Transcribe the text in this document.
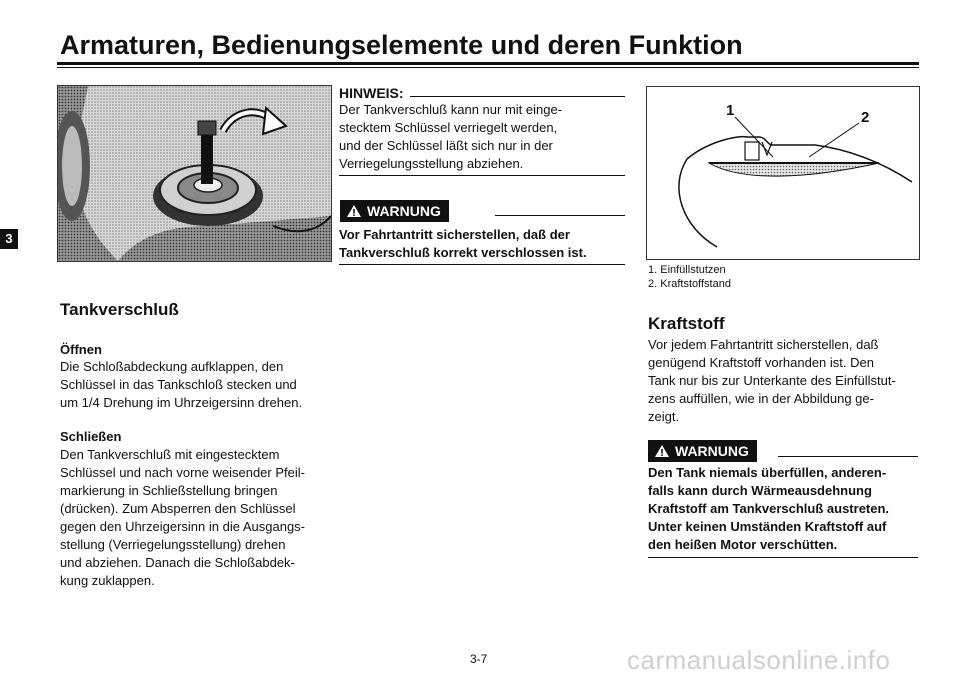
Armaturen, Bedienungselemente und deren Funktion
3
Tankverschluß
Öffnen
Die Schloßabdeckung aufklappen, den
Schlüssel in das Tankschloß stecken und
um 1/4 Drehung im Uhrzeigersinn drehen.
Schließen
Den Tankverschluß mit eingestecktem
Schlüssel und nach vorne weisender Pfeil-
markierung in Schließstellung bringen
(drücken). Zum Absperren den Schlüssel
gegen den Uhrzeigersinn in die Ausgangs-
stellung (Verriegelungsstellung) drehen
und abziehen. Danach die Schloßabdek-
kung zuklappen.
HINWEIS:
Der Tankverschluß kann nur mit einge-
stecktem Schlüssel verriegelt werden,
und der Schlüssel läßt sich nur in der
Verriegelungsstellung abziehen.
WARNUNG
Vor Fahrtantritt sicherstellen, daß der
Tankverschluß korrekt verschlossen ist.
1	2
1. Einfüllstutzen
2. Kraftstoffstand
Kraftstoff
Vor jedem Fahrtantritt sicherstellen, daß
genügend Kraftstoff vorhanden ist. Den
Tank nur bis zur Unterkante des Einfüllstut-
zens auffüllen, wie in der Abbildung ge-
zeigt.
WARNUNG
Den Tank niemals überfüllen, anderen-
falls kann durch Wärmeausdehnung
Kraftstoff am Tankverschluß austreten.
Unter keinen Umständen Kraftstoff auf
den heißen Motor verschütten.
3-7	carmanualsonline.info
